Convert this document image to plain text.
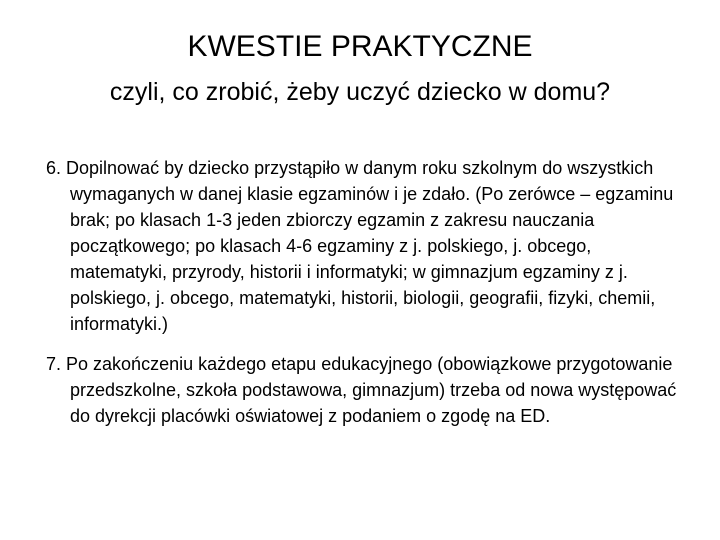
KWESTIE PRAKTYCZNE
czyli, co zrobić, żeby uczyć dziecko w domu?
6. Dopilnować by dziecko przystąpiło w danym roku szkolnym do wszystkich wymaganych w danej klasie egzaminów i je zdało. (Po zerówce – egzaminu brak; po klasach 1-3 jeden zbiorczy egzamin z zakresu nauczania początkowego; po klasach 4-6 egzaminy z j. polskiego, j. obcego, matematyki, przyrody, historii i informatyki; w gimnazjum egzaminy z j. polskiego, j. obcego, matematyki, historii, biologii, geografii, fizyki, chemii, informatyki.)
7. Po zakończeniu każdego etapu edukacyjnego (obowiązkowe przygotowanie przedszkolne, szkoła podstawowa, gimnazjum) trzeba od nowa występować do dyrekcji placówki oświatowej z podaniem o zgodę na ED.
